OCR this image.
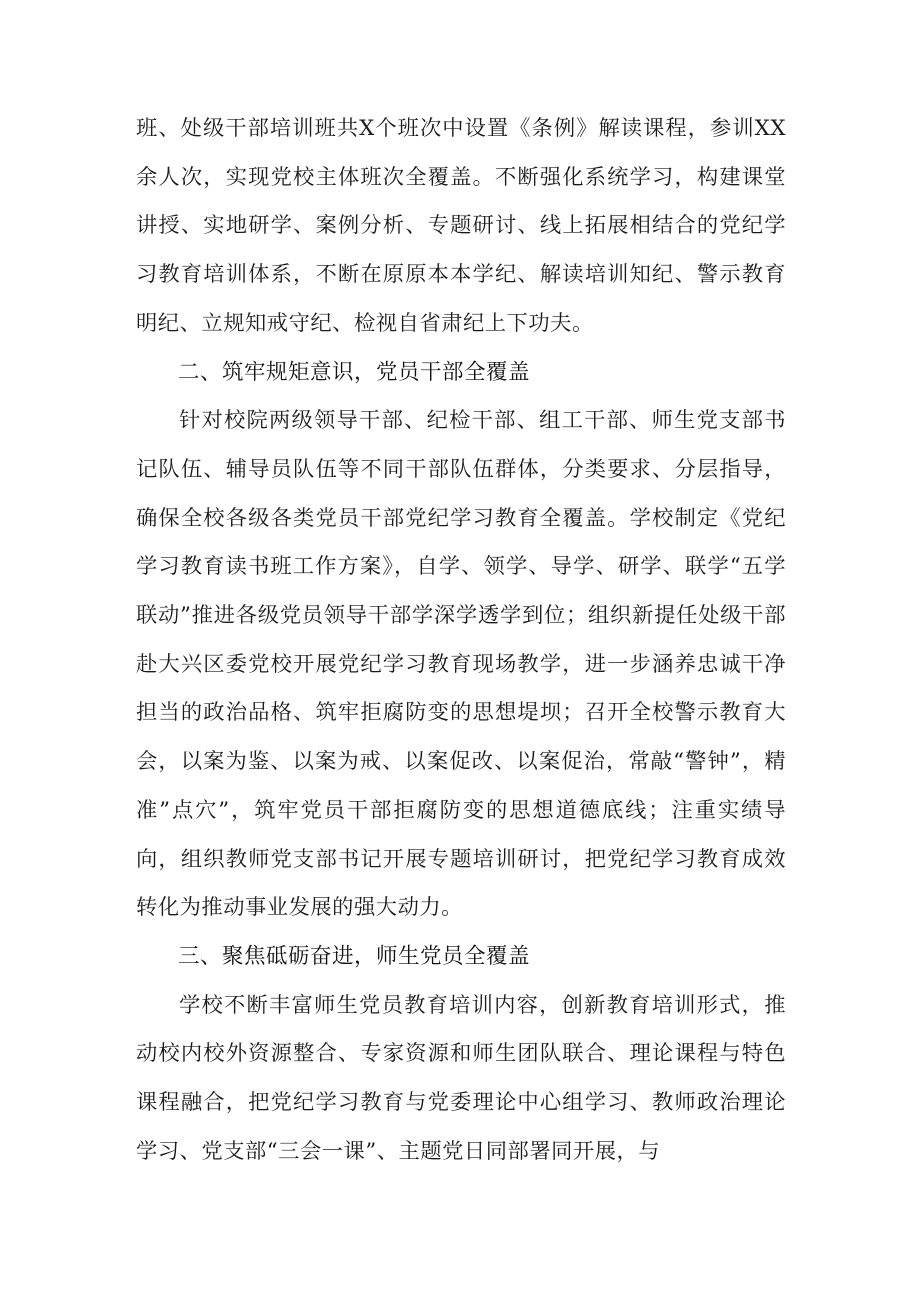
班、处级干部培训班共X个班次中设置《条例》解读课程，参训XX余人次，实现党校主体班次全覆盖。不断强化系统学习，构建课堂讲授、实地研学、案例分析、专题研讨、线上拓展相结合的党纪学习教育培训体系，不断在原原本本学纪、解读培训知纪、警示教育明纪、立规知戒守纪、检视自省肃纪上下功夫。

二、筑牢规矩意识，党员干部全覆盖

针对校院两级领导干部、纪检干部、组工干部、师生党支部书记队伍、辅导员队伍等不同干部队伍群体，分类要求、分层指导，确保全校各级各类党员干部党纪学习教育全覆盖。学校制定《党纪学习教育读书班工作方案》，自学、领学、导学、研学、联学“五学联动”推进各级党员领导干部学深学透学到位；组织新提任处级干部赴大兴区委党校开展党纪学习教育现场教学，进一步涵养忠诚干净担当的政治品格、筑牢拒腐防变的思想堤坝；召开全校警示教育大会，以案为鉴、以案为戒、以案促改、以案促治，常敲“警钟”，精准”点穴”，筑牢党员干部拒腐防变的思想道德底线；注重实绩导向，组织教师党支部书记开展专题培训研讨，把党纪学习教育成效转化为推动事业发展的强大动力。

三、聚焦砥砺奋进，师生党员全覆盖

学校不断丰富师生党员教育培训内容，创新教育培训形式，推动校内校外资源整合、专家资源和师生团队联合、理论课程与特色课程融合，把党纪学习教育与党委理论中心组学习、教师政治理论学习、党支部“三会一课”、主题党日同部署同开展，与
